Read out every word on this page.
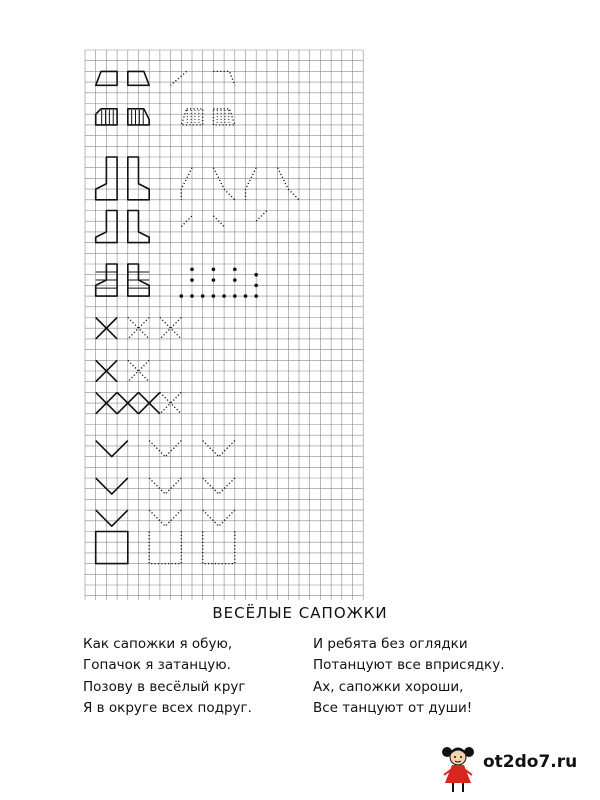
ВЕСЁЛЫЕ САПОЖКИ
Как сапожки я обую,
Гопачок я затанцую.
Позову в весёлый круг
Я в округе всех подруг.
И ребята без оглядки
Потанцуют все вприсядку.
Ах, сапожки хороши,
Все танцуют от души!
ot2do7.ru
